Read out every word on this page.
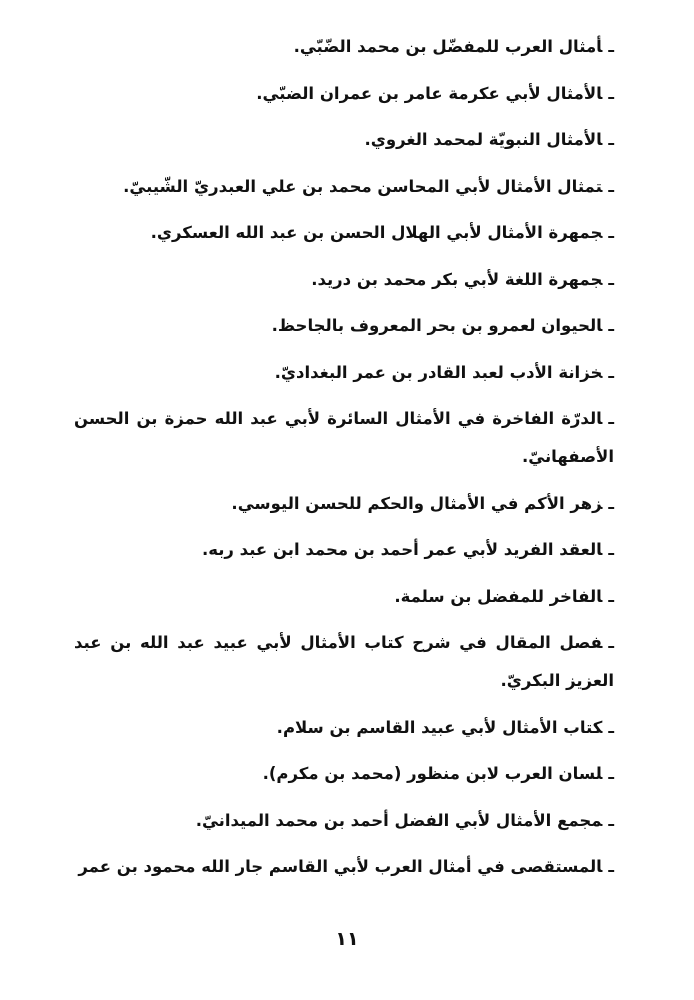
ـأمثال العرب للمفضّل بن محمد الضّبّي.
ـالأمثال لأبي عكرمة عامر بن عمران الضبّي.
ـالأمثال النبويّة لمحمد الغروي.
ـتمثال الأمثال لأبي المحاسن محمد بن علي العبدريّ الشّيبيّ.
ـجمهرة الأمثال لأبي الهلال الحسن بن عبد الله العسكري.
ـجمهرة اللغة لأبي بكر محمد بن دريد.
ـالحيوان لعمرو بن بحر المعروف بالجاحظ.
ـخزانة الأدب لعبد القادر بن عمر البغداديّ.
ـالدرّة الفاخرة في الأمثال السائرة لأبي عبد الله حمزة بن الحسن الأصفهانيّ.
ـزهر الأكم في الأمثال والحكم للحسن اليوسي.
ـالعقد الفريد لأبي عمر أحمد بن محمد ابن عبد ربه.
ـالفاخر للمفضل بن سلمة.
ـفصل المقال في شرح كتاب الأمثال لأبي عبيد عبد الله بن عبد العزيز البكريّ.
ـكتاب الأمثال لأبي عبيد القاسم بن سلام.
ـلسان العرب لابن منظور (محمد بن مكرم).
ـمجمع الأمثال لأبي الفضل أحمد بن محمد الميدانيّ.
ـالمستقصى في أمثال العرب لأبي القاسم جار الله محمود بن عمر
١١
